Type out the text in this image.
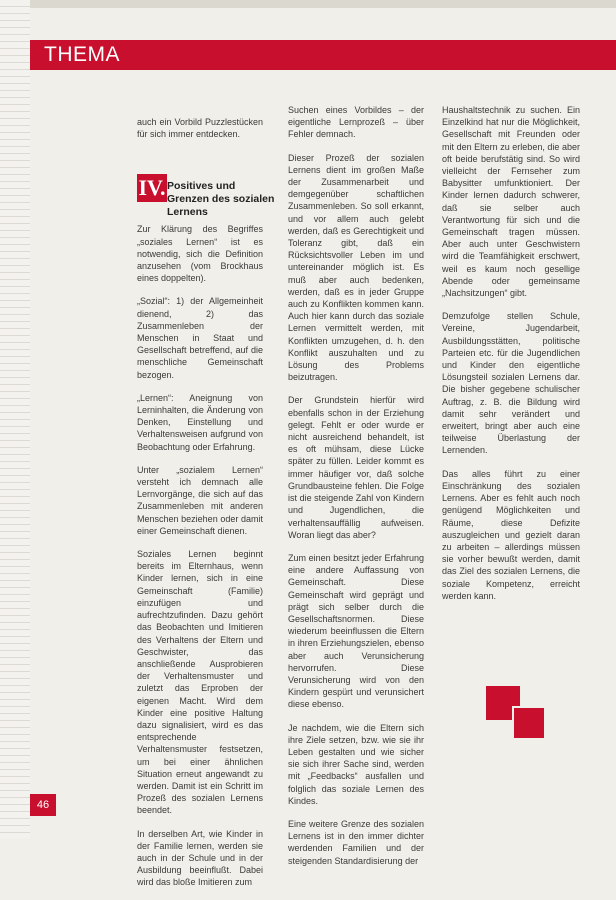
THEMA

auch ein Vorbild Puzzlestücken für sich immer entdecken.

Zur Klärung des Begriffes „soziales Lernen“ ist es notwendig, sich die Definition anzusehen (vom Brockhaus eines doppelten).

„Sozial“: 1) der Allgemeinheit dienend, 2) das Zusammenleben der Menschen in Staat und Gesellschaft betreffend, auf die menschliche Gemeinschaft bezogen.

„Lernen“: Aneignung von Lerninhalten, die Änderung von Denken, Einstellung und Verhaltensweisen aufgrund von Beobachtung oder Erfahrung.

Unter „sozialem Lernen“ versteht ich demnach alle Lernvorgänge, die sich auf das Zusammenleben mit anderen Menschen beziehen oder damit einer Gemeinschaft dienen.

Soziales Lernen beginnt bereits im Elternhaus, wenn Kinder lernen, sich in eine Gemeinschaft (Familie) einzufügen und aufrechtzufinden. Dazu gehört das Beobachten und Imitieren des Verhaltens der Eltern und Geschwister, das anschließende Ausprobieren der Verhaltensmuster und zuletzt das Erproben der eigenen Macht. Wird dem Kinder eine positive Haltung dazu signalisiert, wird es das entsprechende Verhaltensmuster festsetzen, um bei einer ähnlichen Situation erneut angewandt zu werden. Damit ist ein Schritt im Prozeß des sozialen Lernens beendet.

In derselben Art, wie Kinder in der Familie lernen, werden sie auch in der Schule und in der Ausbildung beeinflußt. Dabei wird das bloße Imitieren zum

IV. Positives und Grenzen des sozialen Lernens

Suchen eines Vorbildes – der eigentliche Lernprozeß – über Fehler demnach.

Dieser Prozeß der sozialen Lernens dient im großen Maße der Zusammenarbeit und demgegenüber schaftlichen Zusammenleben. So soll erkannt, und vor allem auch gelebt werden, daß es Gerechtigkeit und Toleranz gibt, daß ein Rücksichtsvoller Leben im und untereinander möglich ist. Es muß aber auch bedenken, werden, daß es in jeder Gruppe auch zu Konflikten kommen kann. Auch hier kann durch das soziale Lernen vermittelt werden, mit Konflikten umzugehen, d. h. den Konflikt auszuhalten und zu Lösung des Problems beizutragen.

Der Grundstein hierfür wird ebenfalls schon in der Erziehung gelegt. Fehlt er oder wurde er nicht ausreichend behandelt, ist es oft mühsam, diese Lücke später zu füllen. Leider kommt es immer häufiger vor, daß solche Grundbausteine fehlen. Die Folge ist die steigende Zahl von Kindern und Jugendlichen, die verhaltensauffällig aufweisen. Woran liegt das aber?

Zum einen besitzt jeder Erfahrung eine andere Auffassung von Gemeinschaft. Diese Gemeinschaft wird geprägt und prägt sich selber durch die Gesellschaftsnormen. Diese wiederum beeinflussen die Eltern in ihren Erziehungszielen, ebenso aber auch Verunsicherung hervorrufen. Diese Verunsicherung wird von den Kindern gespürt und verunsichert diese ebenso.

Je nachdem, wie die Eltern sich ihre Ziele setzen, bzw. wie sie ihr Leben gestalten und wie sicher sie sich ihrer Sache sind, werden mit „Feedbacks“ ausfallen und folglich das soziale Lernen des Kindes.

Eine weitere Grenze des sozialen Lernens ist in den immer dichter werdenden Familien und der steigenden Standardisierung der

Haushaltstechnik zu suchen. Ein Einzelkind hat nur die Möglichkeit, Gesellschaft mit Freunden oder mit den Eltern zu erleben, die aber oft beide berufstätig sind. So wird vielleicht der Fernseher zum Babysitter umfunktioniert. Der Kinder lernen dadurch schwerer, daß sie selber auch Verantwortung für sich und die Gemeinschaft tragen müssen. Aber auch unter Geschwistern wird die Teamfähigkeit erschwert, weil es kaum noch gesellige Abende oder gemeinsame „Nachsitzungen“ gibt.

Demzufolge stellen Schule, Vereine, Jugendarbeit, Ausbildungsstätten, politische Parteien etc. für die Jugendlichen und Kinder den eigentliche Lösungsteil sozialen Lernens dar. Die bisher gegebene schulischer Auftrag, z. B. die Bildung wird damit sehr verändert und erweitert, bringt aber auch eine teilweise Überlastung der Lernenden.

Das alles führt zu einer Einschränkung des sozialen Lernens. Aber es fehlt auch noch genügend Möglichkeiten und Räume, diese Defizite auszugleichen und gezielt daran zu arbeiten – allerdings müssen sie vorher bewußt werden, damit das Ziel des sozialen Lernens, die soziale Kompetenz, erreicht werden kann.

46
